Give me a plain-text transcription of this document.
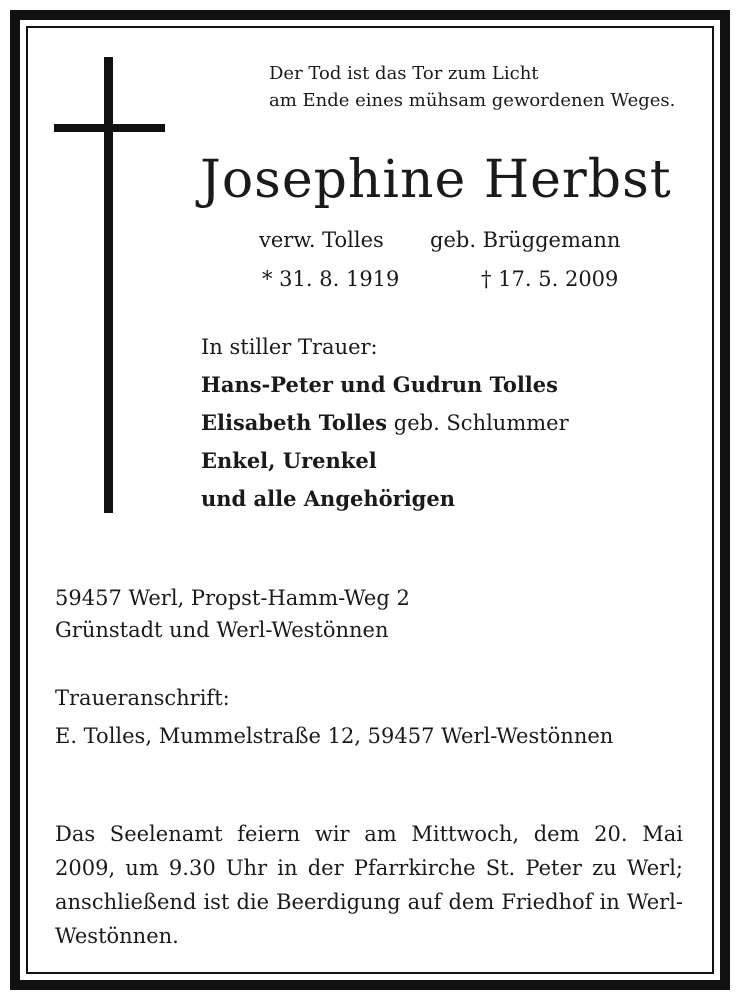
Der Tod ist das Tor zum Licht
am Ende eines mühsam gewordenen Weges.
Josephine Herbst
verw. Tolles geb. Brüggemann
* 31. 8. 1919	† 17. 5. 2009
In stiller Trauer:
Hans-Peter und Gudrun Tolles
Elisabeth Tolles geb. Schlummer
Enkel, Urenkel
und alle Angehörigen
59457 Werl, Propst-Hamm-Weg 2
Grünstadt und Werl-Westönnen
Traueranschrift:
E. Tolles, Mummelstraße 12, 59457 Werl-Westönnen
Das Seelenamt feiern wir am Mittwoch, dem 20. Mai 2009, um 9.30 Uhr in der Pfarrkirche St. Peter zu Werl; anschließend ist die Beerdigung auf dem Friedhof in Werl-Westönnen.
